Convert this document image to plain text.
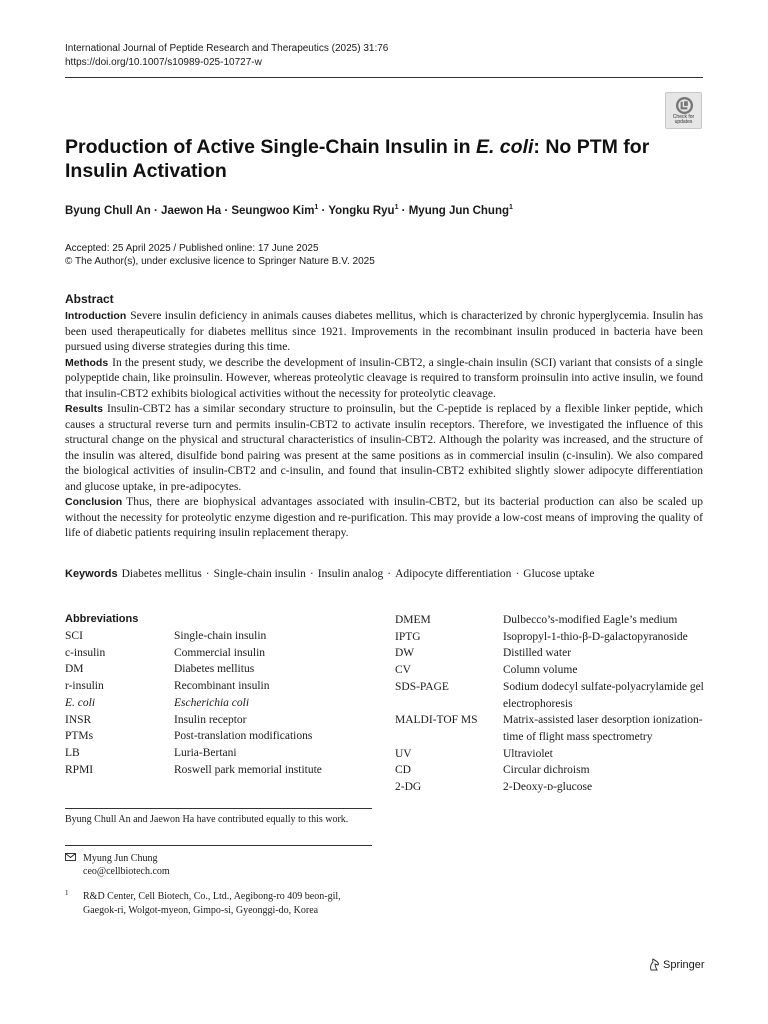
International Journal of Peptide Research and Therapeutics (2025) 31:76
https://doi.org/10.1007/s10989-025-10727-w
Check for
updates
Production of Active Single-Chain Insulin in E. coli: No PTM for Insulin Activation
Byung Chull An · Jaewon Ha · Seungwoo Kim$^1$ · Yongku Ryu$^1$ · Myung Jun Chung$^1$
Accepted: 25 April 2025 / Published online: 17 June 2025
© The Author(s), under exclusive licence to Springer Nature B.V. 2025
Abstract

Introduction Severe insulin deficiency in animals causes diabetes mellitus, which is characterized by chronic hyperglycemia. Insulin has been used therapeutically for diabetes mellitus since 1921. Improvements in the recombinant insulin produced in bacteria have been pursued using diverse strategies during this time.

Methods In the present study, we describe the development of insulin-CBT2, a single-chain insulin (SCI) variant that consists of a single polypeptide chain, like proinsulin. However, whereas proteolytic cleavage is required to transform proinsulin into active insulin, we found that insulin-CBT2 exhibits biological activities without the necessity for proteolytic cleavage.

Results Insulin-CBT2 has a similar secondary structure to proinsulin, but the C-peptide is replaced by a flexible linker peptide, which causes a structural reverse turn and permits insulin-CBT2 to activate insulin receptors. Therefore, we investigated the influence of this structural change on the physical and structural characteristics of insulin-CBT2. Although the polarity was increased, and the structure of the insulin was altered, disulfide bond pairing was present at the same positions as in commercial insulin (c-insulin). We also compared the biological activities of insulin-CBT2 and c-insulin, and found that insulin-CBT2 exhibited slightly slower adipocyte differentiation and glucose uptake, in pre-adipocytes.

Conclusion Thus, there are biophysical advantages associated with insulin-CBT2, but its bacterial production can also be scaled up without the necessity for proteolytic enzyme digestion and re-purification. This may provide a low-cost means of improving the quality of life of diabetic patients requiring insulin replacement therapy.

Keywords Diabetes mellitus · Single-chain insulin · Insulin analog · Adipocyte differentiation · Glucose uptake
Abbreviations
SCI	Single-chain insulin
c-insulin	Commercial insulin
DM	Diabetes mellitus
r-insulin	Recombinant insulin
E. coli	Escherichia coli
INSR	Insulin receptor
PTMs	Post-translation modifications
LB	Luria-Bertani
RPMI	Roswell park memorial institute
DMEM	Dulbecco’s-modified Eagle’s medium
IPTG	Isopropyl-1-thio-β-D-galactopyranoside
DW	Distilled water
CV	Column volume
SDS-PAGE	Sodium dodecyl sulfate-polyacrylamide gel electrophoresis
MALDI-TOF MS	Matrix-assisted laser desorption ionization-time of flight mass spectrometry
UV	Ultraviolet
CD	Circular dichroism
2-DG	2-Deoxy-ᴅ-glucose
Byung Chull An and Jaewon Ha have contributed equally to this work.
Myung Jun Chung
ceo@cellbiotech.com
1 R&D Center, Cell Biotech, Co., Ltd., Aegibong-ro 409 beon-gil, Gaegok-ri, Wolgot-myeon, Gimpo-si, Gyeonggi-do, Korea
Springer
